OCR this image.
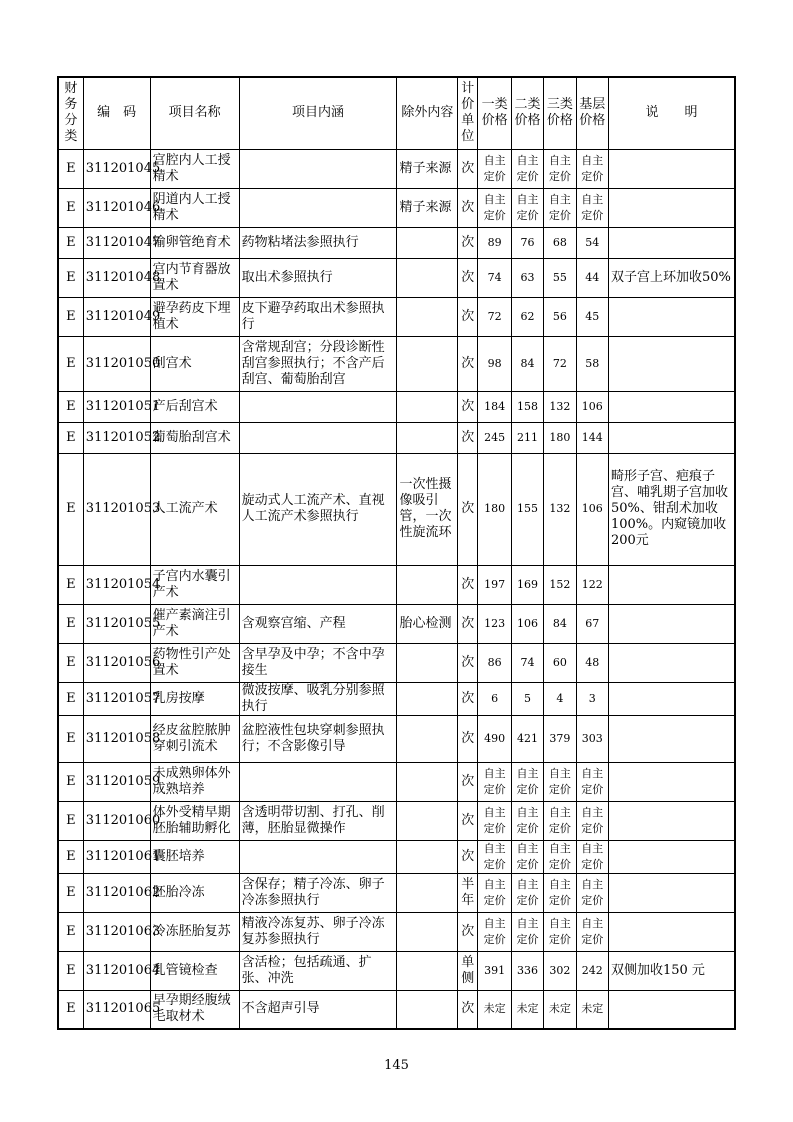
财务分类	编　码	项目名称	项目内涵	除外内容	计价单位	一类价格	二类价格	三类价格	基层价格	说　　明
E	311201045	宫腔内人工授精术		精子来源	次	自主定价	自主定价	自主定价	自主定价	
E	311201046	阴道内人工授精术		精子来源	次	自主定价	自主定价	自主定价	自主定价	
E	311201047	输卵管绝育术	药物粘堵法参照执行		次	89	76	68	54	
E	311201048	宫内节育器放置术	取出术参照执行		次	74	63	55	44	双子宫上环加收50%
E	311201049	避孕药皮下埋植术	皮下避孕药取出术参照执行		次	72	62	56	45	
E	311201050	刮宫术	含常规刮宫；分段诊断性刮宫参照执行；不含产后刮宫、葡萄胎刮宫		次	98	84	72	58	
E	311201051	产后刮宫术			次	184	158	132	106	
E	311201052	葡萄胎刮宫术			次	245	211	180	144	
E	311201053	人工流产术	旋动式人工流产术、直视人工流产术参照执行	一次性摄像吸引管，一次性旋流环	次	180	155	132	106	畸形子宫、疤痕子宫、哺乳期子宫加收50%、钳刮术加收100%。内窥镜加收200元
E	311201054	子宫内水囊引产术			次	197	169	152	122	
E	311201055	催产素滴注引产术	含观察宫缩、产程	胎心检测	次	123	106	84	67	
E	311201056	药物性引产处置术	含早孕及中孕；不含中孕接生		次	86	74	60	48	
E	311201057	乳房按摩	微波按摩、吸乳分别参照执行		次	6	5	4	3	
E	311201058	经皮盆腔脓肿穿刺引流术	盆腔液性包块穿刺参照执行；不含影像引导		次	490	421	379	303	
E	311201059	未成熟卵体外成熟培养			次	自主定价	自主定价	自主定价	自主定价	
E	311201060	体外受精早期胚胎辅助孵化	含透明带切割、打孔、削薄，胚胎显微操作		次	自主定价	自主定价	自主定价	自主定价	
E	311201061	囊胚培养			次	自主定价	自主定价	自主定价	自主定价	
E	311201062	胚胎冷冻	含保存；精子冷冻、卵子冷冻参照执行		半年	自主定价	自主定价	自主定价	自主定价	
E	311201063	冷冻胚胎复苏	精液冷冻复苏、卵子冷冻复苏参照执行		次	自主定价	自主定价	自主定价	自主定价	
E	311201064	乳管镜检查	含活检；包括疏通、扩张、冲洗		单侧	391	336	302	242	双侧加收150 元
E	311201065	早孕期经腹绒毛取材术	不含超声引导		次	未定	未定	未定	未定	
145
